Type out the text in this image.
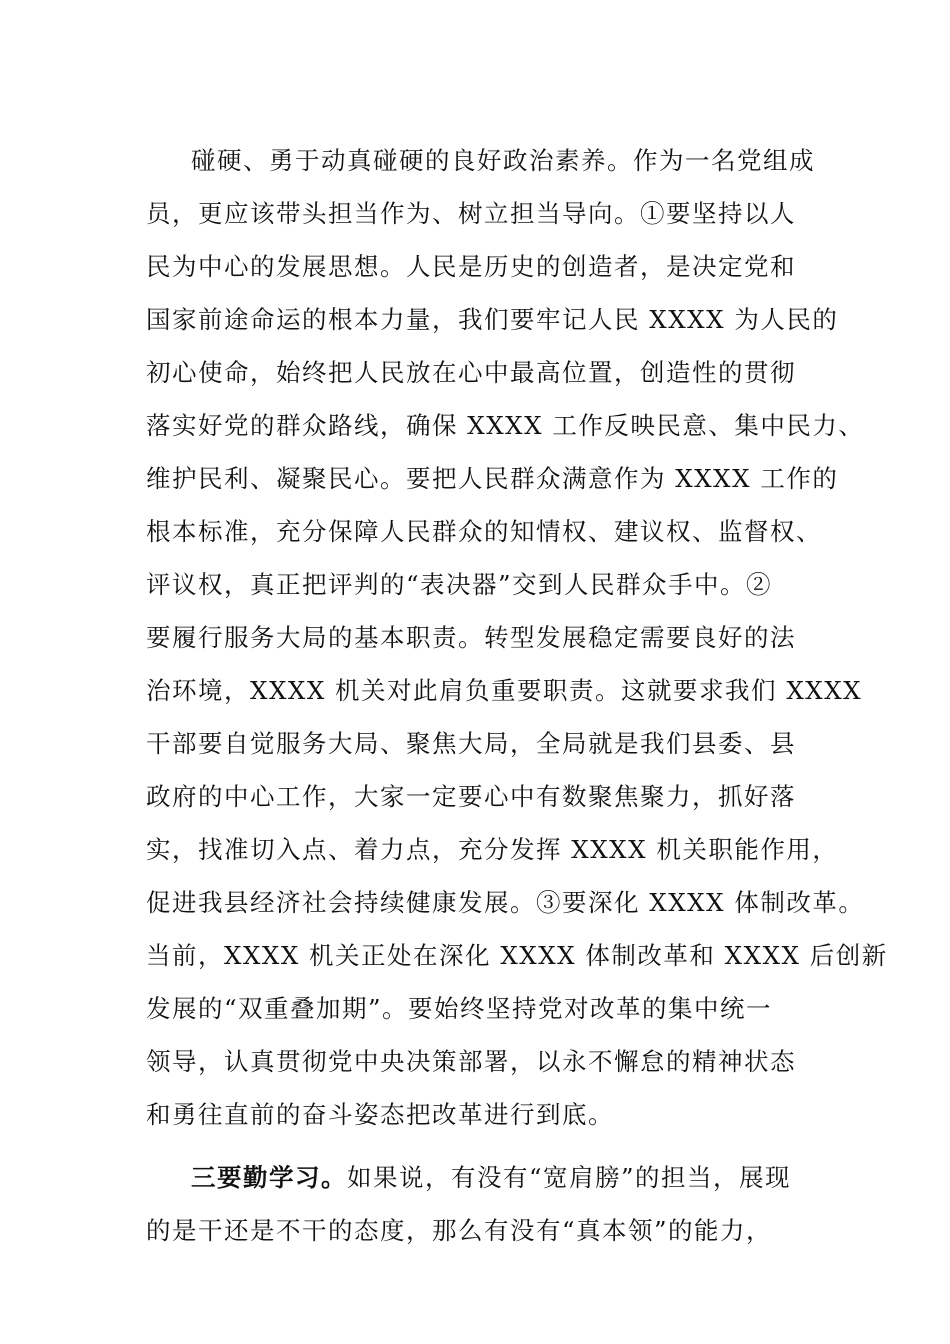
碰硬、勇于动真碰硬的良好政治素养。作为一名党组成
员，更应该带头担当作为、树立担当导向。①要坚持以人
民为中心的发展思想。人民是历史的创造者，是决定党和
国家前途命运的根本力量，我们要牢记人民 XXXX 为人民的
初心使命，始终把人民放在心中最高位置，创造性的贯彻
落实好党的群众路线，确保 XXXX 工作反映民意、集中民力、
维护民利、凝聚民心。要把人民群众满意作为 XXXX 工作的
根本标准，充分保障人民群众的知情权、建议权、监督权、
评议权，真正把评判的“表决器”交到人民群众手中。②
要履行服务大局的基本职责。转型发展稳定需要良好的法
治环境，XXXX 机关对此肩负重要职责。这就要求我们 XXXX
干部要自觉服务大局、聚焦大局，全局就是我们县委、县
政府的中心工作，大家一定要心中有数聚焦聚力，抓好落
实，找准切入点、着力点，充分发挥 XXXX 机关职能作用，
促进我县经济社会持续健康发展。③要深化 XXXX 体制改革。
当前，XXXX 机关正处在深化 XXXX 体制改革和 XXXX 后创新
发展的“双重叠加期”。要始终坚持党对改革的集中统一
领导，认真贯彻党中央决策部署，以永不懈怠的精神状态
和勇往直前的奋斗姿态把改革进行到底。
三要勤学习。如果说，有没有“宽肩膀”的担当，展现
的是干还是不干的态度，那么有没有“真本领”的能力，
